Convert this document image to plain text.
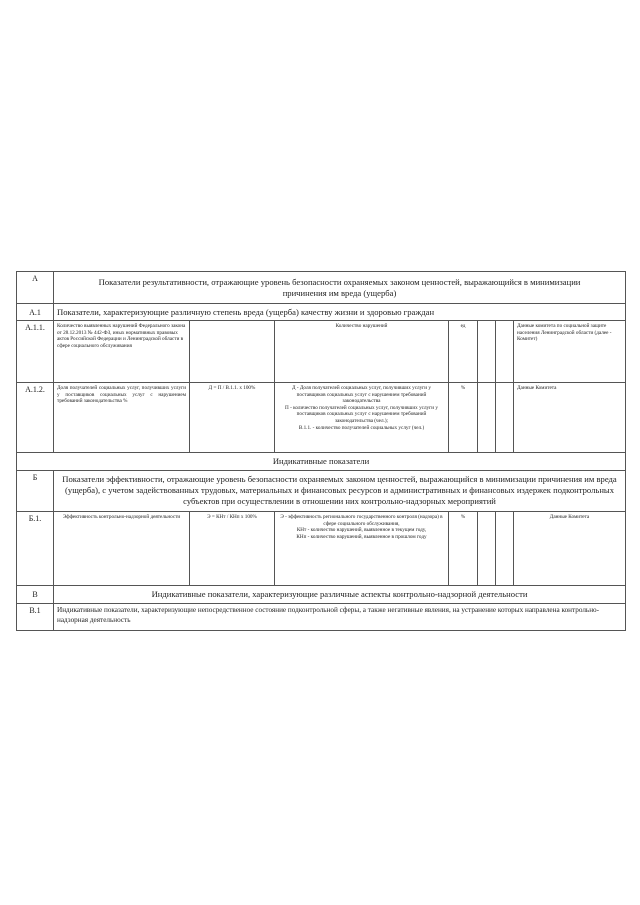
А	Показатели результативности, отражающие уровень безопасности охраняемых законом ценностей, выражающийся в минимизации причинения им вреда (ущерба)						
А.1	Показатели, характеризующие различную степень вреда (ущерба) качеству жизни и здоровью граждан						
А.1.1.	Количество выявленных нарушений Федерального закона от 28.12.2013 № 442-ФЗ, иных нормативных правовых актов Российской Федерации и Ленинградской области в сфере социального обслуживания		Количество нарушений	ед			Данные комитета по социальной защите населения Ленинградской области (далее - Комитет)
А.1.2.	Доля получателей социальных услуг, получивших услуги у поставщиков социальных услуг с нарушением требований законодательства %	Д = П / В.1.1. х 100%	Д - Доля получателей социальных услуг, получивших услуги у поставщиков социальных услуг с нарушением требований законодательства
П - количество получателей социальных услуг, получивших услуги у поставщиков социальных услуг с нарушением требований законодательства (чел.);
В.1.1. - количество получателей социальных услуг (чел.)	%			Данные Комитета
Индикативные показатели							
Б	Показатели эффективности, отражающие уровень безопасности охраняемых законом ценностей, выражающийся в минимизации причинения им вреда (ущерба), с учетом задействованных трудовых, материальных и финансовых ресурсов и административных и финансовых издержек подконтрольных субъектов при осуществлении в отношении них контрольно-надзорных мероприятий						
Б.1.	Эффективность контрольно-надзорной деятельности	Э = КНт / КНп х 100%	Э - эффективность регионального государственного контроля (надзора) в сфере социального обслуживания,
КНт - количество нарушений, выявленное в текущем году,
КНп - количество нарушений, выявленное в прошлом году	%			Данные Комитета
В	Индикативные показатели, характеризующие различные аспекты контрольно-надзорной деятельности						
В.1	Индикативные показатели, характеризующие непосредственное состояние подконтрольной сферы, а также негативные явления, на устранение которых направлена контрольно-надзорная деятельность						
